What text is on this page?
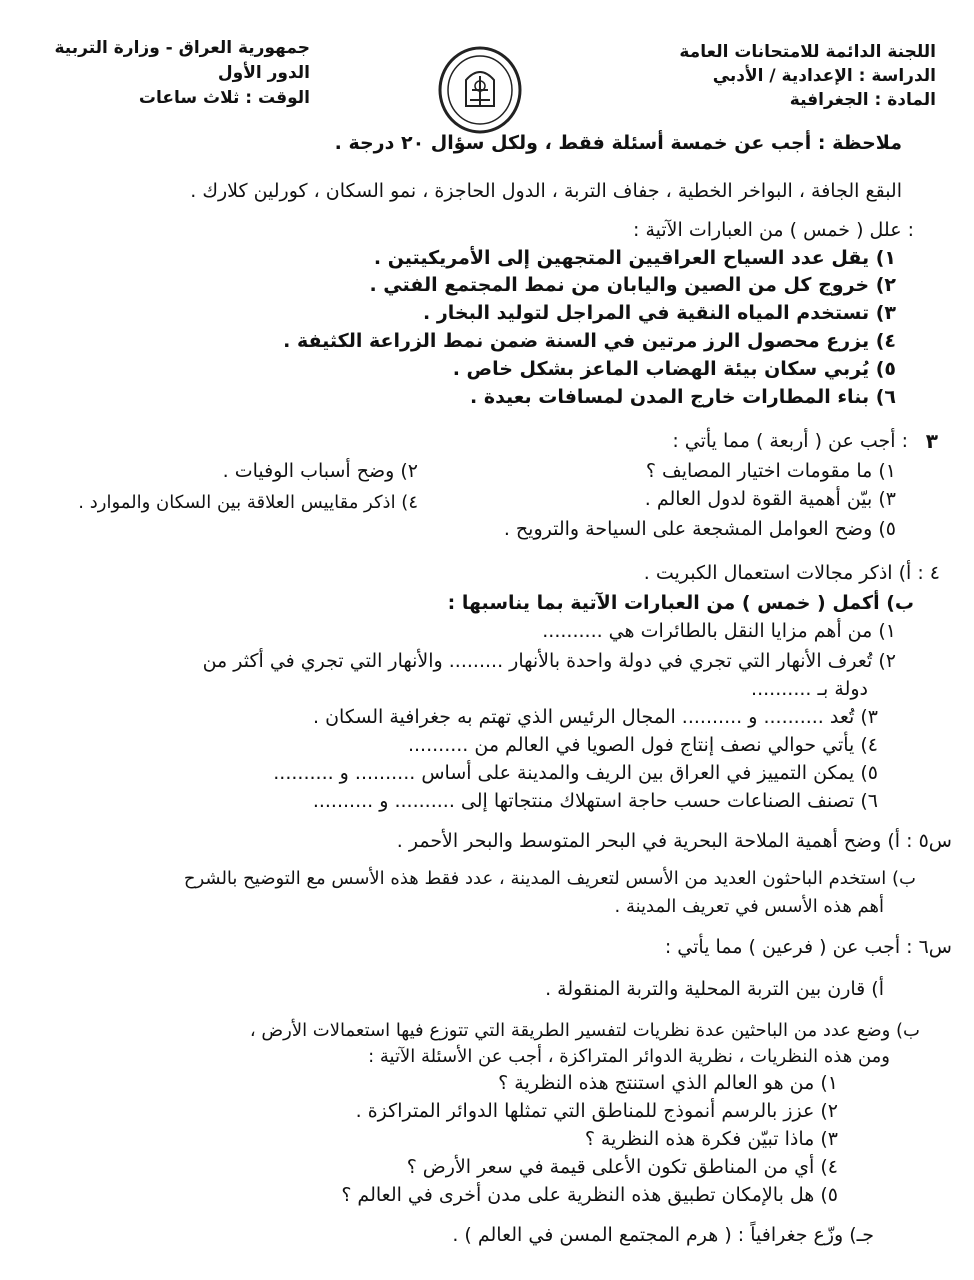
اللجنة الدائمة للامتحانات العامة
الدراسة : الإعدادية / الأدبي
المادة : الجغرافية
جمهورية العراق - وزارة التربية
الدور الأول
الوقت : ثلاث ساعات
ملاحظة : أجب عن خمسة أسئلة فقط ، ولكل سؤال ٢٠ درجة .
البقع الجافة ، البواخر الخطية ، جفاف التربة ، الدول الحاجزة ، نمو السكان ، كورلين كلارك .
: علل ( خمس ) من العبارات الآتية :
١) يقل عدد السياح العراقيين المتجهين إلى الأمريكيتين .
٢) خروج كل من الصين واليابان من نمط المجتمع الفتي .
٣) تستخدم المياه النقية في المراجل لتوليد البخار .
٤) يزرع محصول الرز مرتين في السنة ضمن نمط الزراعة الكثيفة .
٥) يُربي سكان بيئة الهضاب الماعز بشكل خاص .
٦) بناء المطارات خارج المدن لمسافات بعيدة .
٣
: أجب عن ( أربعة ) مما يأتي :
١) ما مقومات اختيار المصايف ؟
٢) وضح أسباب الوفيات .
٣) بيّن أهمية القوة لدول العالم .
٤) اذكر مقاييس العلاقة بين السكان والموارد .
٥) وضح العوامل المشجعة على السياحة والترويح .
٤ : أ) اذكر مجالات استعمال الكبريت .
ب) أكمل ( خمس ) من العبارات الآتية بما يناسبها :
١) من أهم مزايا النقل بالطائرات هي ..........
٢) تُعرف الأنهار التي تجري في دولة واحدة بالأنهار ......... والأنهار التي تجري في أكثر من
دولة بـ ..........
٣) تُعد .......... و .......... المجال الرئيس الذي تهتم به جغرافية السكان .
٤) يأتي حوالي نصف إنتاج فول الصويا في العالم من ..........
٥) يمكن التمييز في العراق بين الريف والمدينة على أساس .......... و ..........
٦) تصنف الصناعات حسب حاجة استهلاك منتجاتها إلى .......... و ..........
س٥ : أ) وضح أهمية الملاحة البحرية في البحر المتوسط والبحر الأحمر .
ب) استخدم الباحثون العديد من الأسس لتعريف المدينة ، عدد فقط هذه الأسس مع التوضيح بالشرح
أهم هذه الأسس في تعريف المدينة .
س٦ : أجب عن ( فرعين ) مما يأتي :
أ) قارن بين التربة المحلية والتربة المنقولة .
ب) وضع عدد من الباحثين عدة نظريات لتفسير الطريقة التي تتوزع فيها استعمالات الأرض ،
ومن هذه النظريات ، نظرية الدوائر المتراكزة ، أجب عن الأسئلة الآتية :
١) من هو العالم الذي استنتج هذه النظرية ؟
٢) عزز بالرسم أنموذج للمناطق التي تمثلها الدوائر المتراكزة .
٣) ماذا تبيّن فكرة هذه النظرية ؟
٤) أي من المناطق تكون الأعلى قيمة في سعر الأرض ؟
٥) هل بالإمكان تطبيق هذه النظرية على مدن أخرى في العالم ؟
جـ) وزّع جغرافياً : ( هرم المجتمع المسن في العالم ) .
